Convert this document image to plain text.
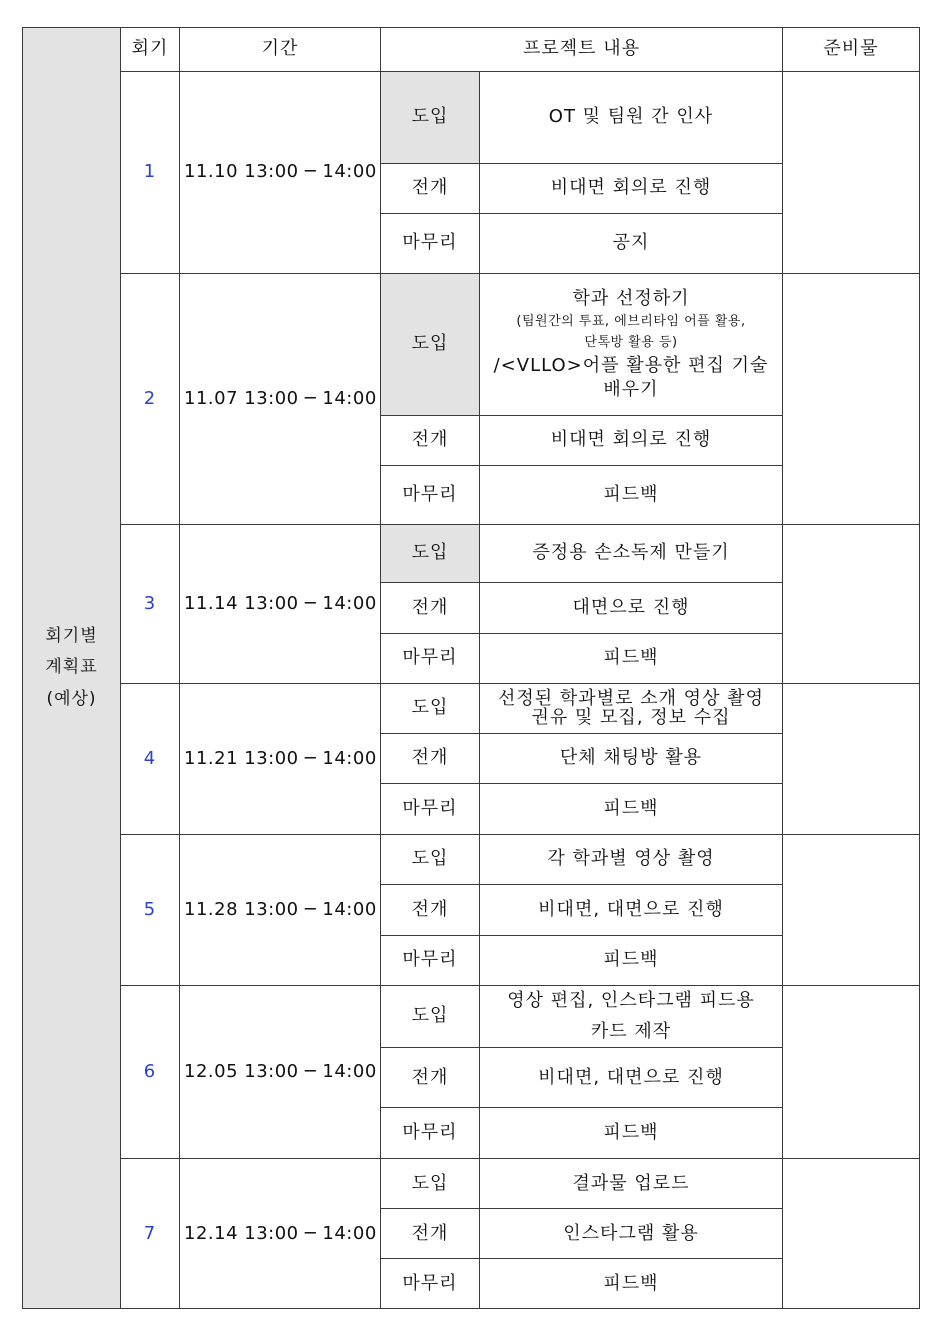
회기별
계획표
(예상)	회기	기간	프로젝트 내용		준비물
	1	11.10 13:00 ─ 14:00	도입	OT 및 팀원 간 인사	

			전개	비대면 회의로 진행	
			마무리	공지	
	2	11.07 13:00 ─ 14:00	도입	학과 선정하기
(팀원간의 투표, 에브리타임 어플 활용,
단톡방 활용 등)
/<VLLO>어플 활용한 편집 기술
배우기	

			전개	비대면 회의로 진행	
			마무리	피드백	
	3	11.14 13:00 ─ 14:00	도입	증정용 손소독제 만들기	

			전개	대면으로 진행	
			마무리	피드백	
	4	11.21 13:00 ─ 14:00	도입	선정된 학과별로 소개 영상 촬영
권유 및 모집, 정보 수집	

			전개	단체 채팅방 활용	
			마무리	피드백	
	5	11.28 13:00 ─ 14:00	도입	각 학과별 영상 촬영	

			전개	비대면, 대면으로 진행	
			마무리	피드백	
	6	12.05 13:00 ─ 14:00	도입	영상 편집, 인스타그램 피드용
카드 제작	

			전개	비대면, 대면으로 진행	
			마무리	피드백	
	7	12.14 13:00 ─ 14:00	도입	결과물 업로드	

			전개	인스타그램 활용	
			마무리	피드백	
